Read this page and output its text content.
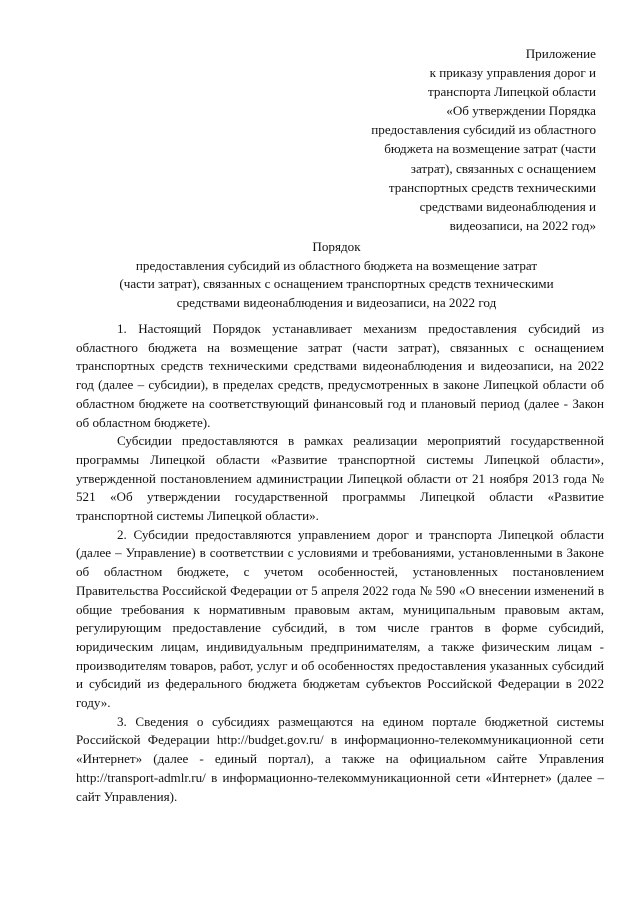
Приложение
к приказу управления дорог и
транспорта Липецкой области
«Об утверждении Порядка
предоставления субсидий из областного
бюджета на возмещение затрат (части
затрат), связанных с оснащением
транспортных средств техническими
средствами видеонаблюдения и
видеозаписи, на 2022 год»
Порядок
предоставления субсидий из областного бюджета на возмещение затрат
(части затрат), связанных с оснащением транспортных средств техническими
средствами видеонаблюдения и видеозаписи, на 2022 год

1. Настоящий Порядок устанавливает механизм предоставления субсидий из областного бюджета на возмещение затрат (части затрат), связанных с оснащением транспортных средств техническими средствами видеонаблюдения и видеозаписи, на 2022 год (далее – субсидии), в пределах средств, предусмотренных в законе Липецкой области об областном бюджете на соответствующий финансовый год и плановый период (далее - Закон об областном бюджете).

Субсидии предоставляются в рамках реализации мероприятий государственной программы Липецкой области «Развитие транспортной системы Липецкой области», утвержденной постановлением администрации Липецкой области от 21 ноября 2013 года № 521 «Об утверждении государственной программы Липецкой области «Развитие транспортной системы Липецкой области».

2. Субсидии предоставляются управлением дорог и транспорта Липецкой области (далее – Управление) в соответствии с условиями и требованиями, установленными в Законе об областном бюджете, с учетом особенностей, установленных постановлением Правительства Российской Федерации от 5 апреля 2022 года № 590 «О внесении изменений в общие требования к нормативным правовым актам, муниципальным правовым актам, регулирующим предоставление субсидий, в том числе грантов в форме субсидий, юридическим лицам, индивидуальным предпринимателям, а также физическим лицам - производителям товаров, работ, услуг и об особенностях предоставления указанных субсидий и субсидий из федерального бюджета бюджетам субъектов Российской Федерации в 2022 году».

3. Сведения о субсидиях размещаются на едином портале бюджетной системы Российской Федерации http://budget.gov.ru/ в информационно-телекоммуникационной сети «Интернет» (далее - единый портал), а также на официальном сайте Управления http://transport-admlr.ru/ в информационно-телекоммуникационной сети «Интернет» (далее – сайт Управления).
